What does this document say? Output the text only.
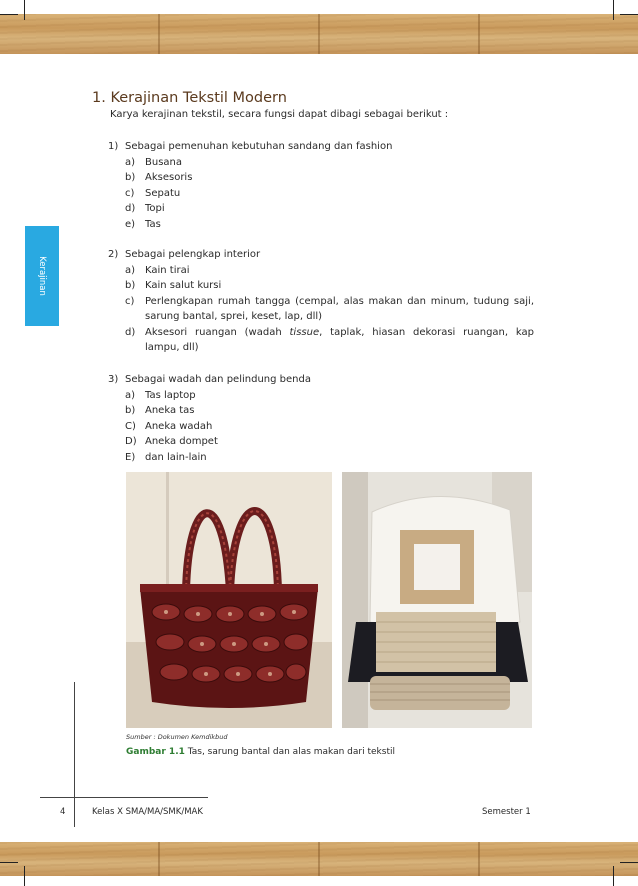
Kerajinan
1. Kerajinan Tekstil Modern
Karya kerajinan tekstil, secara fungsi dapat dibagi sebagai berikut :
1) Sebagai pemenuhan kebutuhan sandang dan fashion
a) Busana
b) Aksesoris
c)	Sepatu
d) Topi
e) Tas
2) Sebagai pelengkap interior
a) Kain tirai
b) Kain salut kursi
c)	Perlengkapan rumah tangga (cempal, alas makan dan minum, tudung saji, sarung bantal, sprei, keset, lap, dll)
d) Aksesori ruangan (wadah tissue, taplak, hiasan dekorasi ruangan, kap lampu, dll)
3) Sebagai wadah dan pelindung benda
a) Tas laptop
b) Aneka tas
C) Aneka wadah
D) Aneka dompet
E) dan lain-lain
Sumber : Dokumen Kemdikbud
Gambar 1.1 Tas, sarung bantal dan alas makan dari tekstil
4	Kelas X SMA/MA/SMK/MAK	Semester 1
